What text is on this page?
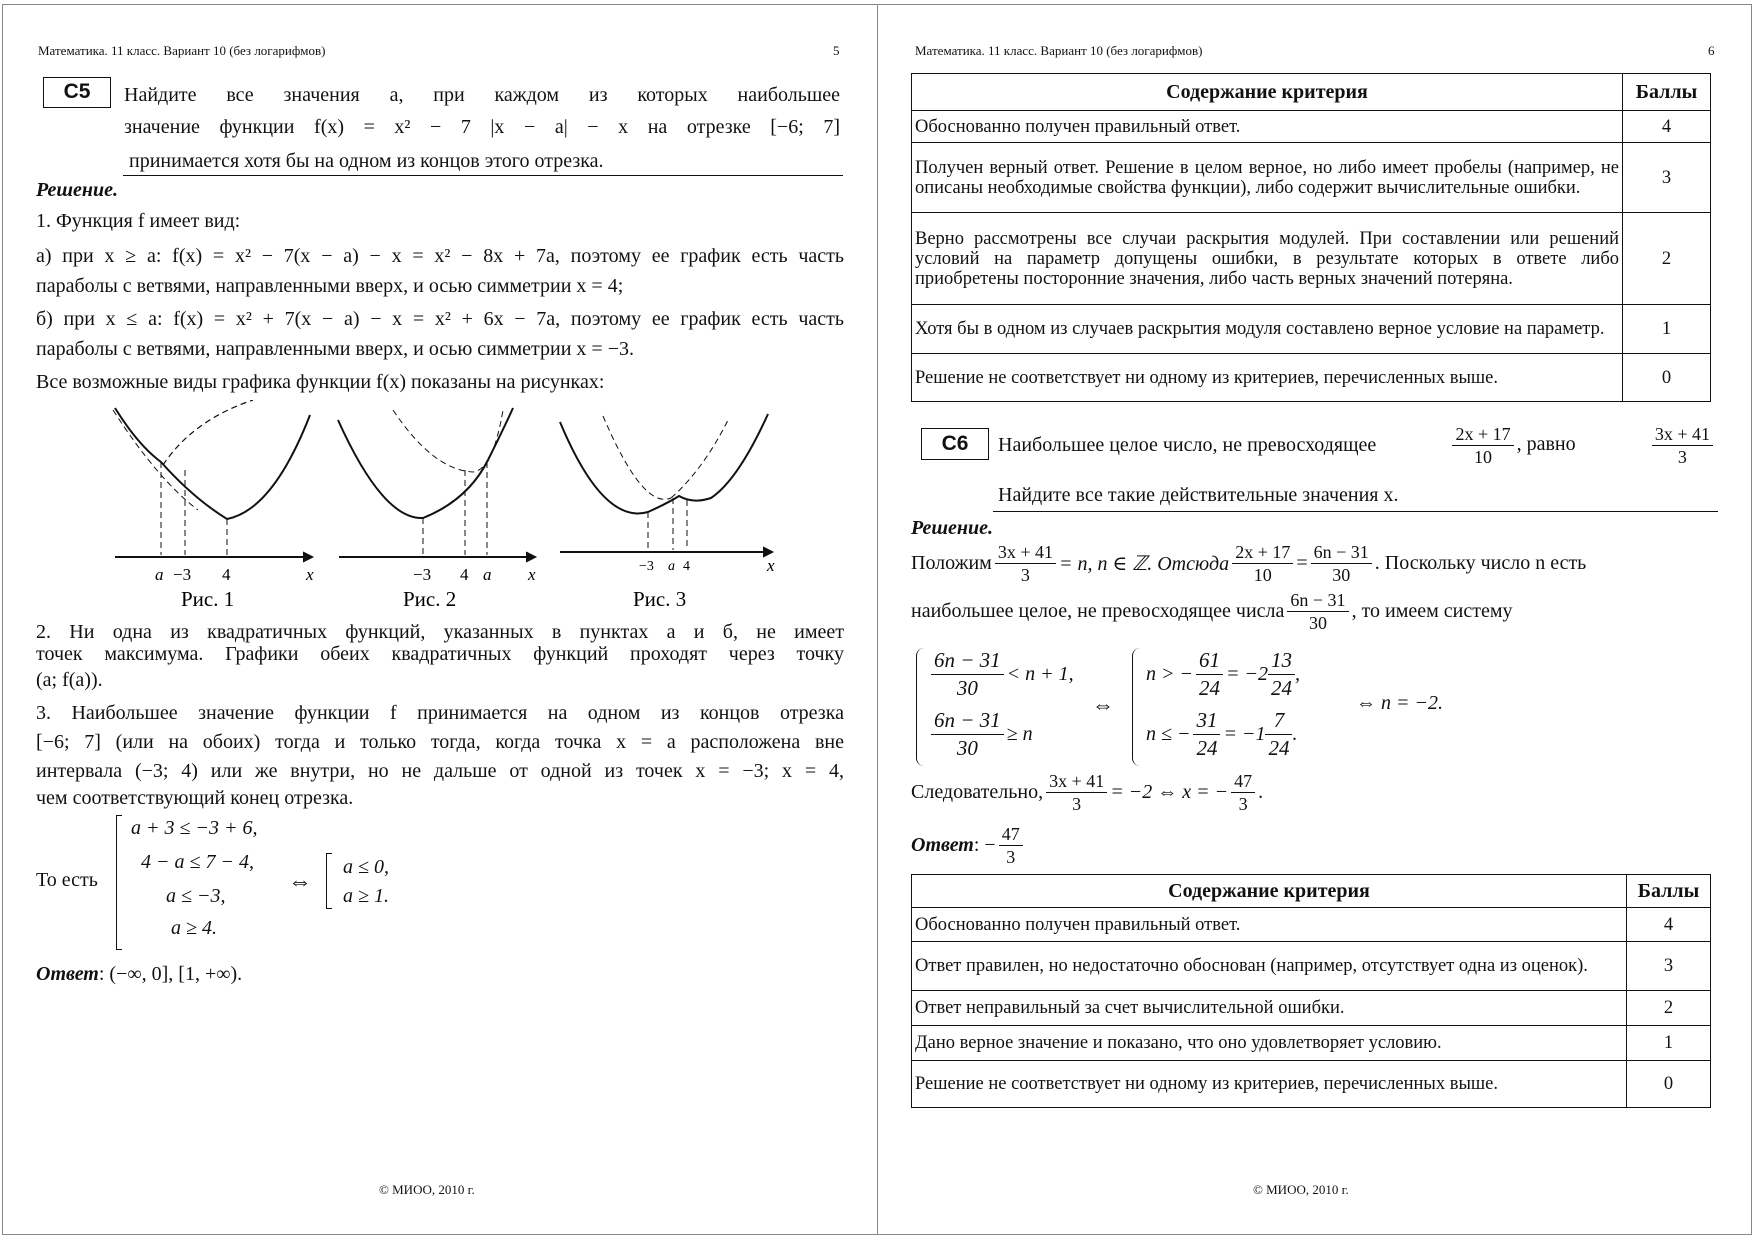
Математика. 11 класс. Вариант 10 (без логарифмов)	5
C5	Найдите все значения a, при каждом из которых наибольшее
значение функции f(x) = x² − 7 |x − a| − x на отрезке [−6; 7]
принимается хотя бы на одном из концов этого отрезка.
Решение.
1. Функция f имеет вид:
а) при x ≥ a: f(x) = x² − 7(x − a) − x = x² − 8x + 7a, поэтому ее график есть часть
параболы с ветвями, направленными вверх, и осью симметрии x = 4;
б) при x ≤ a: f(x) = x² + 7(x − a) − x = x² + 6x − 7a, поэтому ее график есть часть
параболы с ветвями, направленными вверх, и осью симметрии x = −3.
Все возможные виды графика функции f(x) показаны на рисунках:
a −3 4	x
Рис. 1
−3 4 a x
Рис. 2
−3 a 4	x
Рис. 3
2. Ни одна из квадратичных функций, указанных в пунктах a и б, не имеет
точек максимума. Графики обеих квадратичных функций проходят через точку
(a; f(a)).
3. Наибольшее значение функции f принимается на одном из концов отрезка
[−6; 7] (или на обоих) тогда и только тогда, когда точка x = a расположена вне
интервала (−3; 4) или же внутри, но не дальше от одной из точек x = −3; x = 4,
чем соответствующий конец отрезка.
То есть
a + 3 ≤ −3 + 6,
4 − a ≤ 7 − 4,
a ≤ −3,
a ≥ 4.
⇔
a ≤ 0,
a ≥ 1.
Ответ: (−∞, 0], [1, +∞).
© МИОО, 2010 г.
Математика. 11 класс. Вариант 10 (без логарифмов)	6
Содержание критерия	Баллы
Обоснованно получен правильный ответ.	4
Получен верный ответ. Решение в целом верное, но либо имеет пробелы (например, не описаны необходимые свойства функции), либо содержит вычислительные ошибки.	3
Верно рассмотрены все случаи раскрытия модулей. При составлении или решений условий на параметр допущены ошибки, в результате которых в ответе либо приобретены посторонние значения, либо часть верных значений потеряна.	2
Хотя бы в одном из случаев раскрытия модуля составлено верное условие на параметр.	1
Решение не соответствует ни одному из критериев, перечисленных выше.	0
C6	Наибольшее целое число, не превосходящее	$\frac{2x + 17}{10}$ , равно	$\frac{3x + 41}{3}$
Найдите все такие действительные значения x.
Решение.
Положим $\frac{3x + 41}{3} = n$, n ∈ ℤ. Отсюда $\frac{2x + 17}{10} = \frac{6n - 31}{30}$ . Поскольку число n есть
наибольшее целое, не превосходящее числа $\frac{6n - 31}{30}$ , то имеем систему
$\frac{6n - 31}{30} < n + 1$,
$\frac{6n - 31}{30} \ge n$
⇔
n > − $\frac{61}{24} = -2 \frac{13}{24}$ ,
n ≤ − $\frac{31}{24} = -1 \frac{7}{24}$ .
⇔ n = −2.
Следовательно, $\frac{3x + 41}{3} = -2$ ⇔ x = − $\frac{47}{3}$ .
Ответ : − $\frac{47}{3}$
Содержание критерия	Баллы
Обоснованно получен правильный ответ.	4
Ответ правилен, но недостаточно обоснован (например, отсутствует одна из оценок).	3
Ответ неправильный за счет вычислительной ошибки.	2
Дано верное значение и показано, что оно удовлетворяет условию.	1
Решение не соответствует ни одному из критериев, перечисленных выше.	0
© МИОО, 2010 г.
